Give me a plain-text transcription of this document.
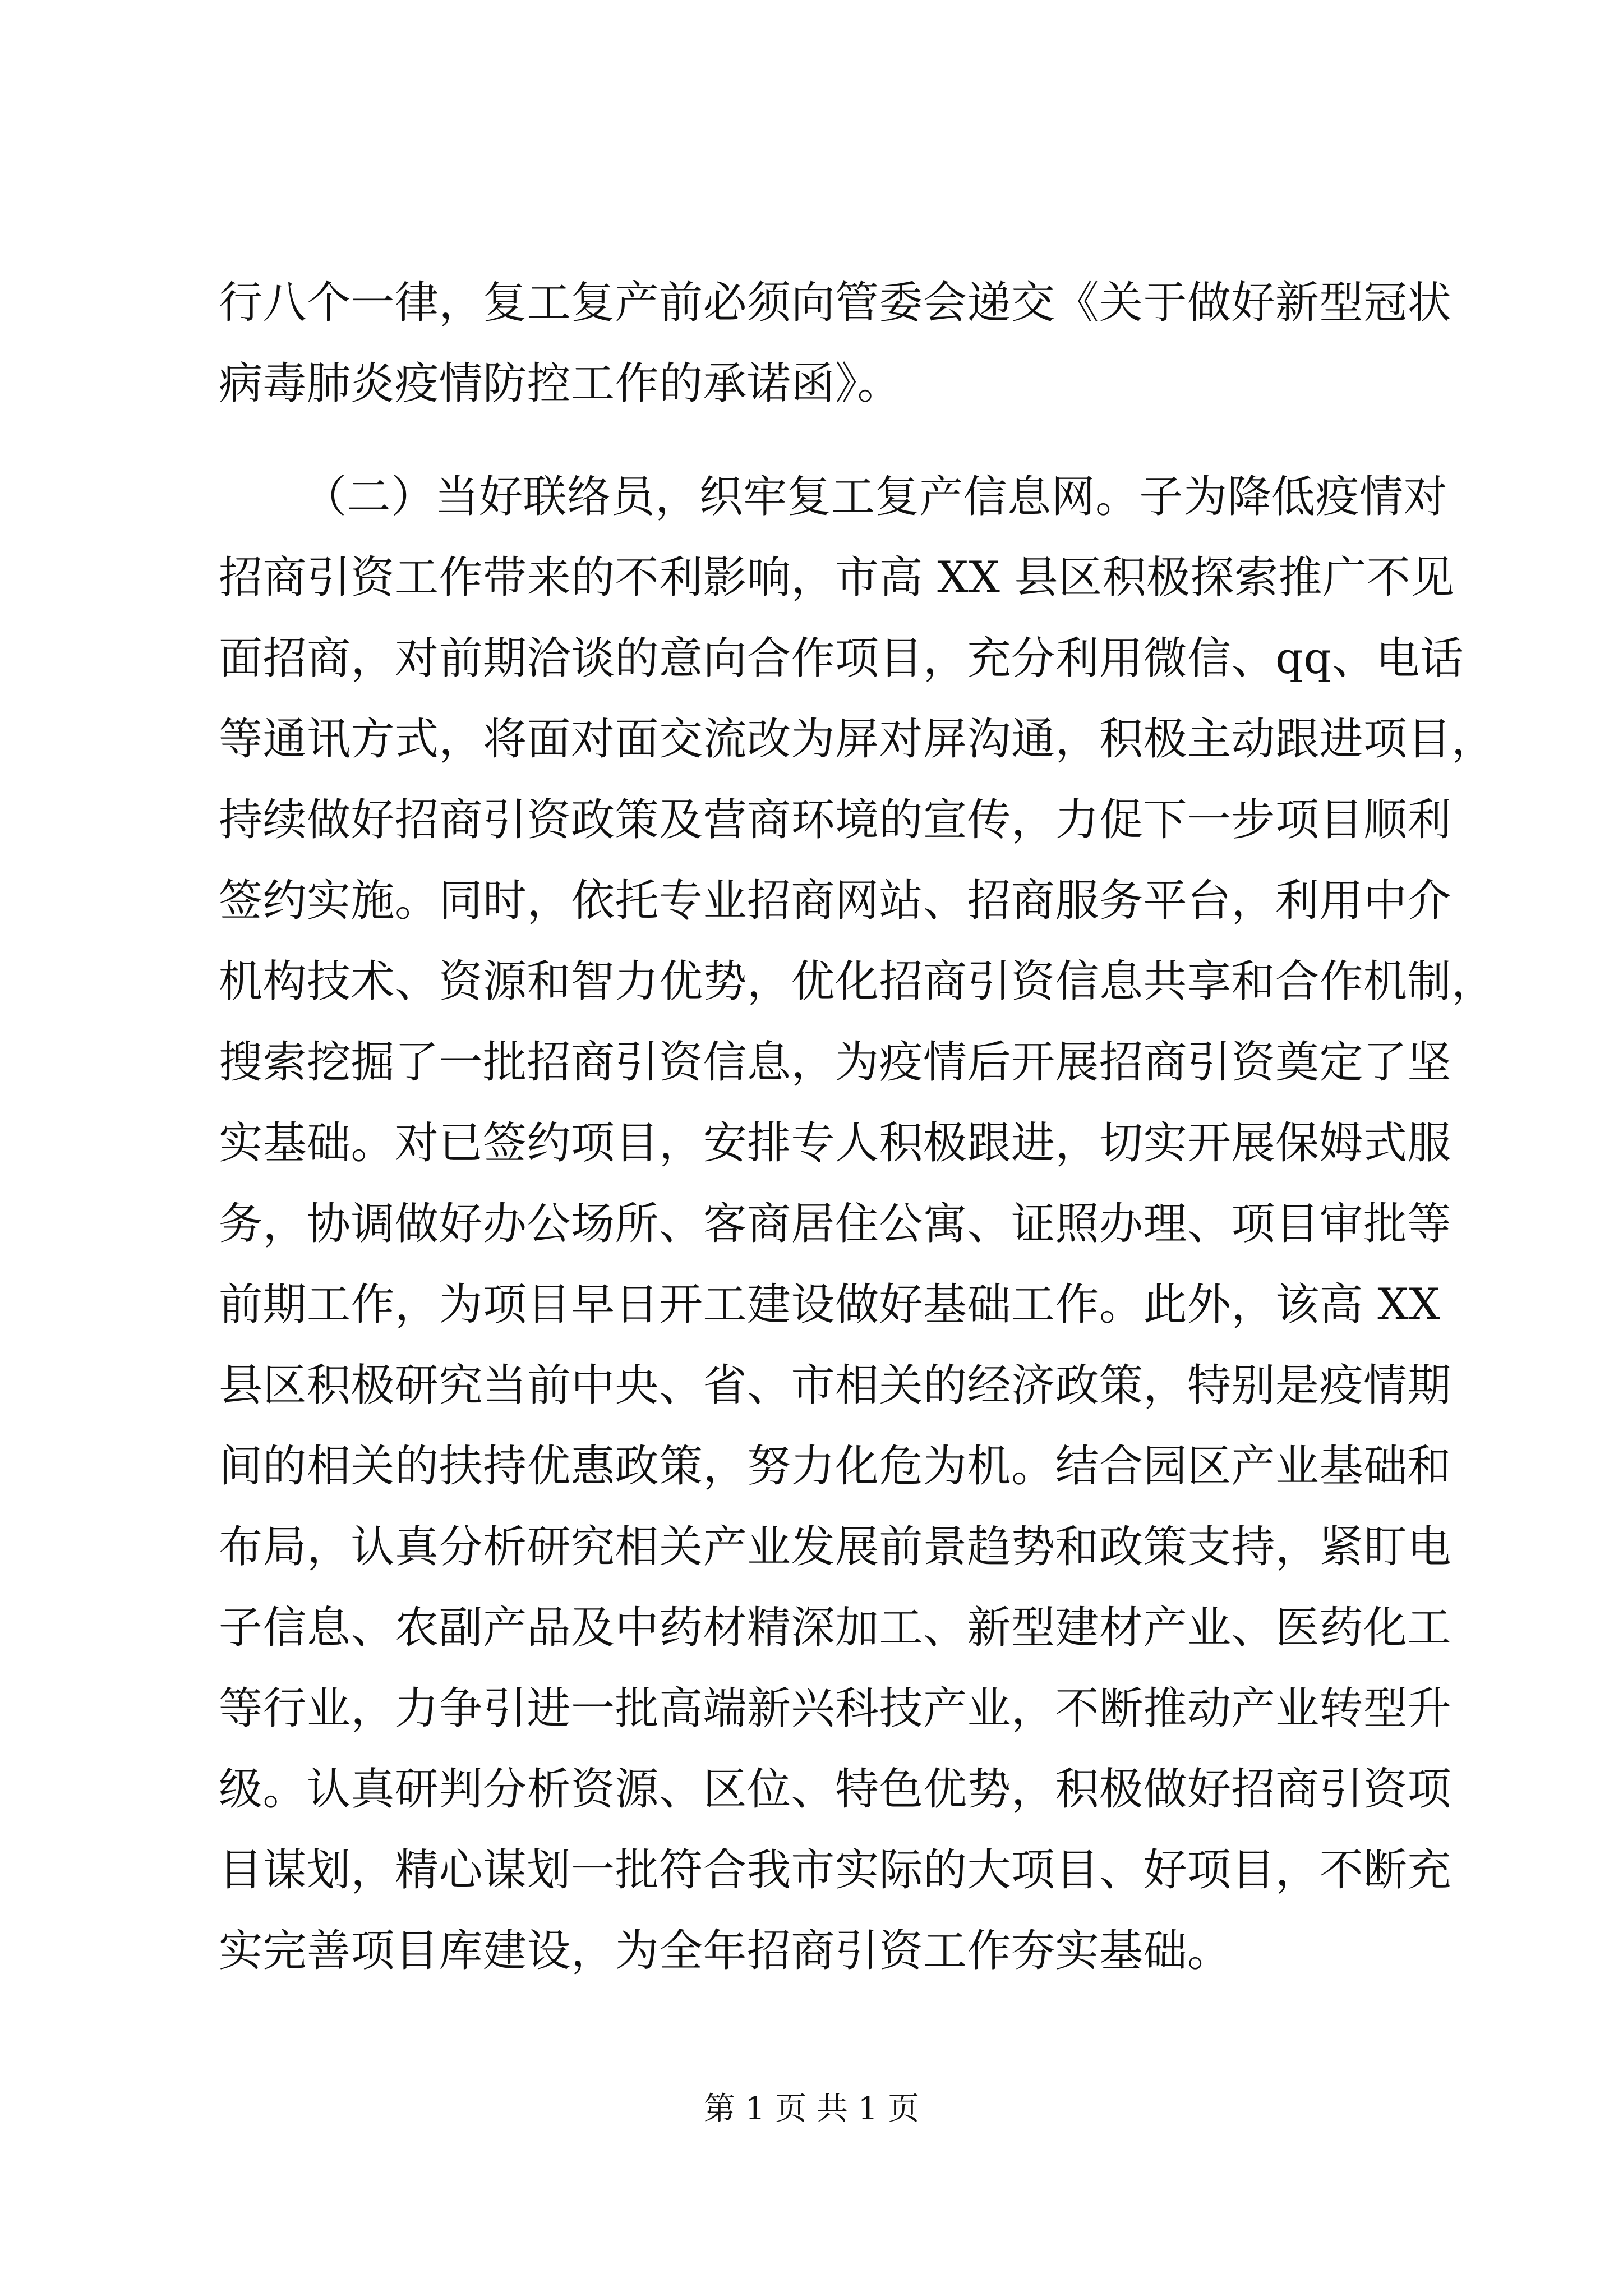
行八个一律，复工复产前必须向管委会递交《关于做好新型冠状
病毒肺炎疫情防控工作的承诺函》。
（二）当好联络员，织牢复工复产信息网。子为降低疫情对
招商引资工作带来的不利影响，市高 XX 县区积极探索推广不见
面招商，对前期洽谈的意向合作项目，充分利用微信、qq、电话
等通讯方式，将面对面交流改为屏对屏沟通，积极主动跟进项目，
持续做好招商引资政策及营商环境的宣传，力促下一步项目顺利
签约实施。同时，依托专业招商网站、招商服务平台，利用中介
机构技术、资源和智力优势，优化招商引资信息共享和合作机制，
搜索挖掘了一批招商引资信息，为疫情后开展招商引资奠定了坚
实基础。对已签约项目，安排专人积极跟进，切实开展保姆式服
务，协调做好办公场所、客商居住公寓、证照办理、项目审批等
前期工作，为项目早日开工建设做好基础工作。此外，该高 XX
县区积极研究当前中央、省、市相关的经济政策，特别是疫情期
间的相关的扶持优惠政策，努力化危为机。结合园区产业基础和
布局，认真分析研究相关产业发展前景趋势和政策支持，紧盯电
子信息、农副产品及中药材精深加工、新型建材产业、医药化工
等行业，力争引进一批高端新兴科技产业，不断推动产业转型升
级。认真研判分析资源、区位、特色优势，积极做好招商引资项
目谋划，精心谋划一批符合我市实际的大项目、好项目，不断充
实完善项目库建设，为全年招商引资工作夯实基础。
第 1 页 共 1 页
